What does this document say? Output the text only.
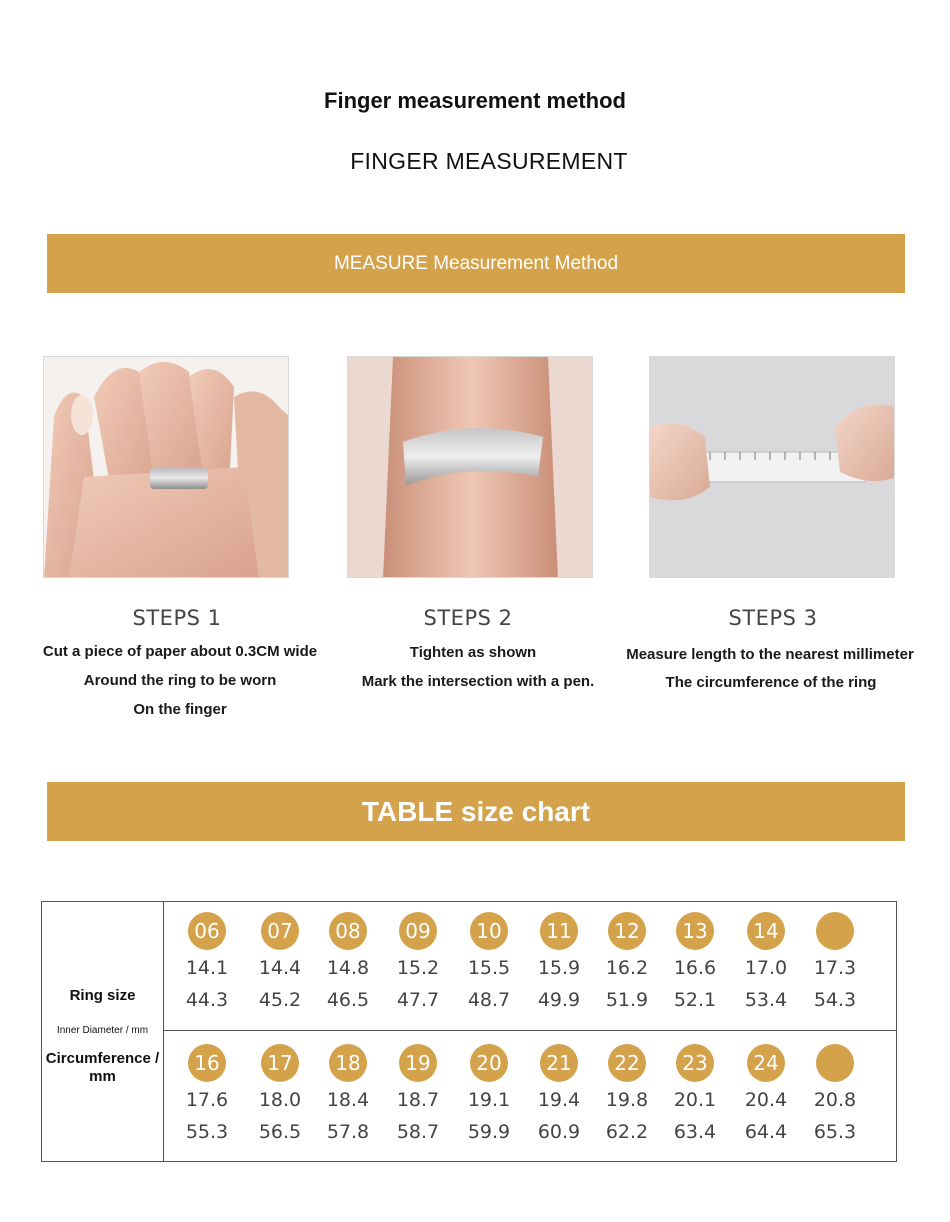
Finger measurement method
FINGER MEASUREMENT
MEASURE Measurement Method
STEPS 1
Cut a piece of paper about 0.3CM wide
Around the ring to be worn
On the finger
STEPS 2
Tighten as shown
Mark the intersection with a pen.
STEPS 3
Measure length to the nearest millimeter
The circumference of the ring
TABLE size chart
Ring size
Inner Diameter / mm
Circumference / mm
06
14.1
44.3
07
14.4
45.2
08
14.8
46.5
09
15.2
47.7
10
15.5
48.7
11
15.9
49.9
12
16.2
51.9
13
16.6
52.1
14
17.0
53.4
17.3
54.3
16
17.6
55.3
17
18.0
56.5
18
18.4
57.8
19
18.7
58.7
20
19.1
59.9
21
19.4
60.9
22
19.8
62.2
23
20.1
63.4
24
20.4
64.4
20.8
65.3
